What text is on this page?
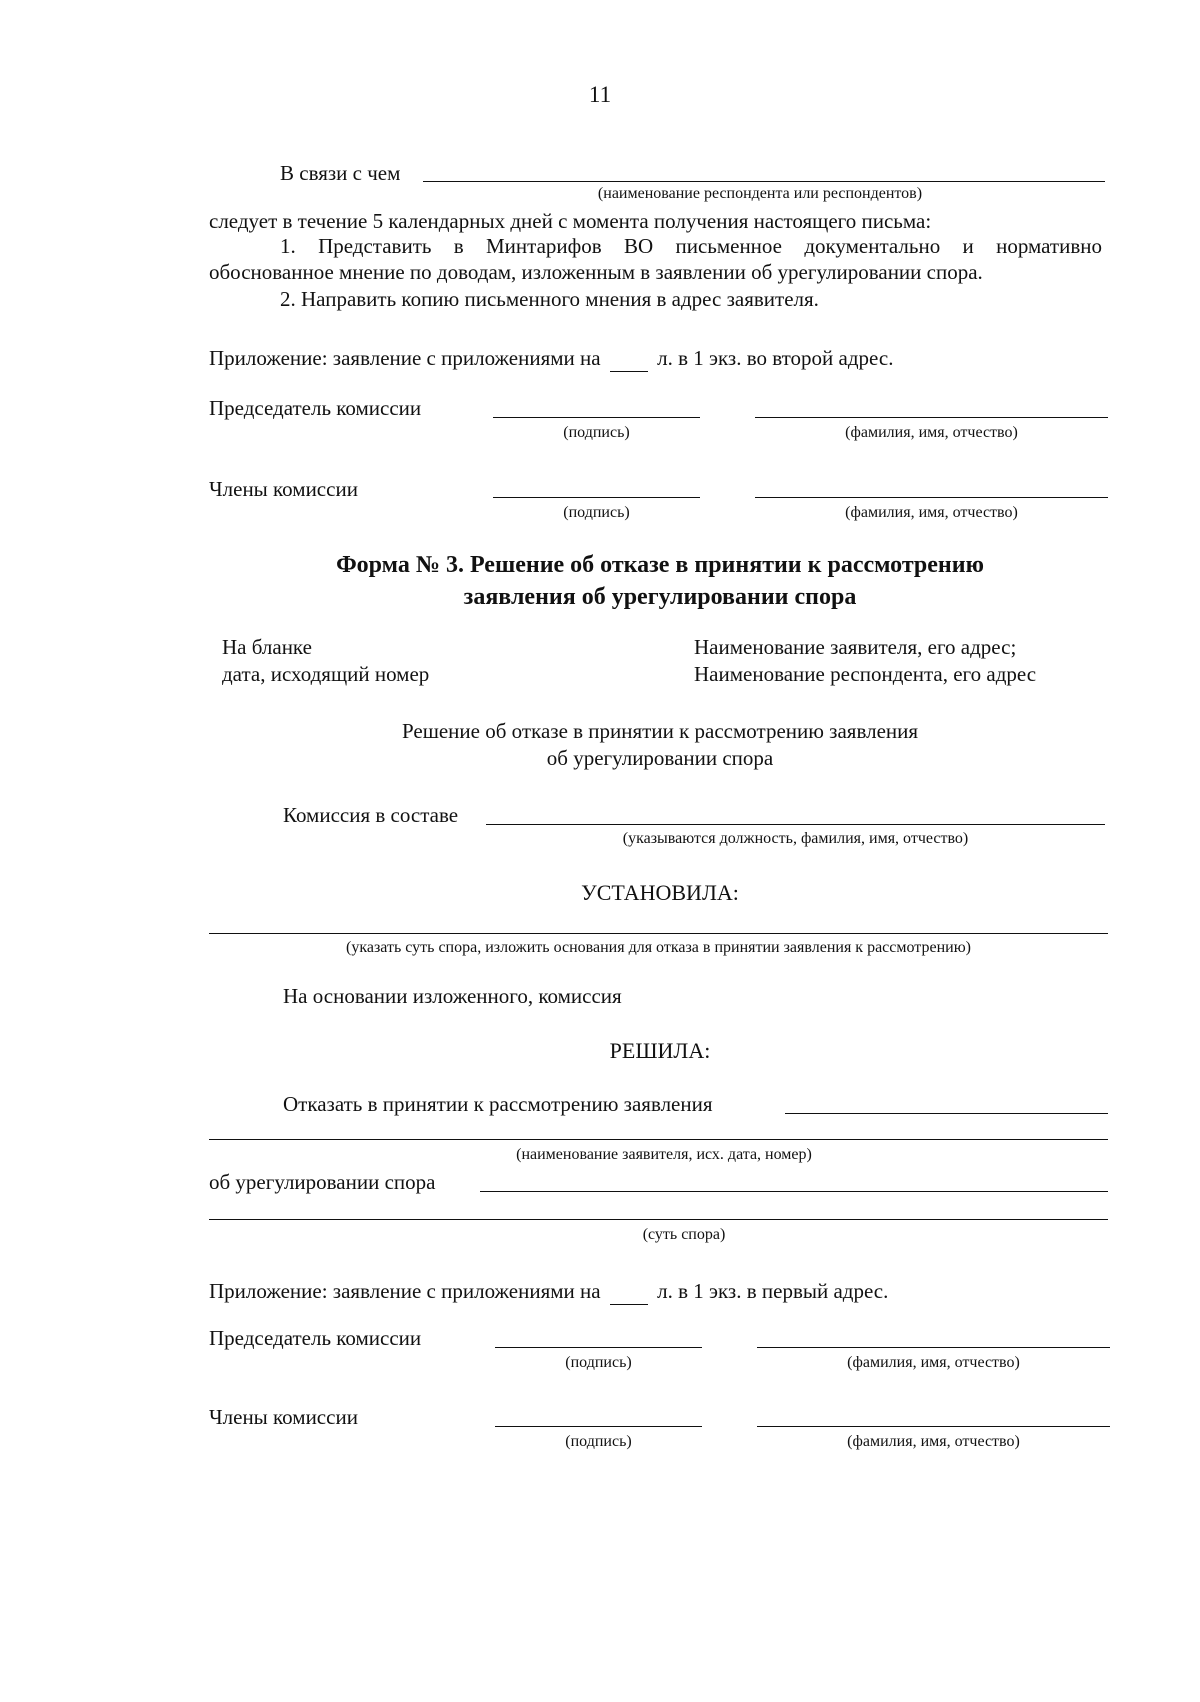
11
В связи с чем
(наименование респондента или респондентов)
следует в течение 5 календарных дней с момента получения настоящего письма:
1. Представить в Минтарифов ВО письменное документально и нормативно
обоснованное мнение по доводам, изложенным в заявлении об урегулировании спора.
2. Направить копию письменного мнения в адрес заявителя.
Приложение: заявление с приложениями на	л. в 1 экз. во второй адрес.
Председатель комиссии
(подпись)	(фамилия, имя, отчество)
Члены комиссии
(подпись)	(фамилия, имя, отчество)
Форма № 3. Решение об отказе в принятии к рассмотрению
заявления об урегулировании спора
На бланке
дата, исходящий номер
Наименование заявителя, его адрес;
Наименование респондента, его адрес
Решение об отказе в принятии к рассмотрению заявления
об урегулировании спора
Комиссия в составе
(указываются должность, фамилия, имя, отчество)
УСТАНОВИЛА:
(указать суть спора, изложить основания для отказа в принятии заявления к рассмотрению)
На основании изложенного, комиссия
РЕШИЛА:
Отказать в принятии к рассмотрению заявления
(наименование заявителя, исх. дата, номер)
об урегулировании спора
(суть спора)
Приложение: заявление с приложениями на	л. в 1 экз. в первый адрес.
Председатель комиссии
(подпись)	(фамилия, имя, отчество)
Члены комиссии
(подпись)	(фамилия, имя, отчество)
